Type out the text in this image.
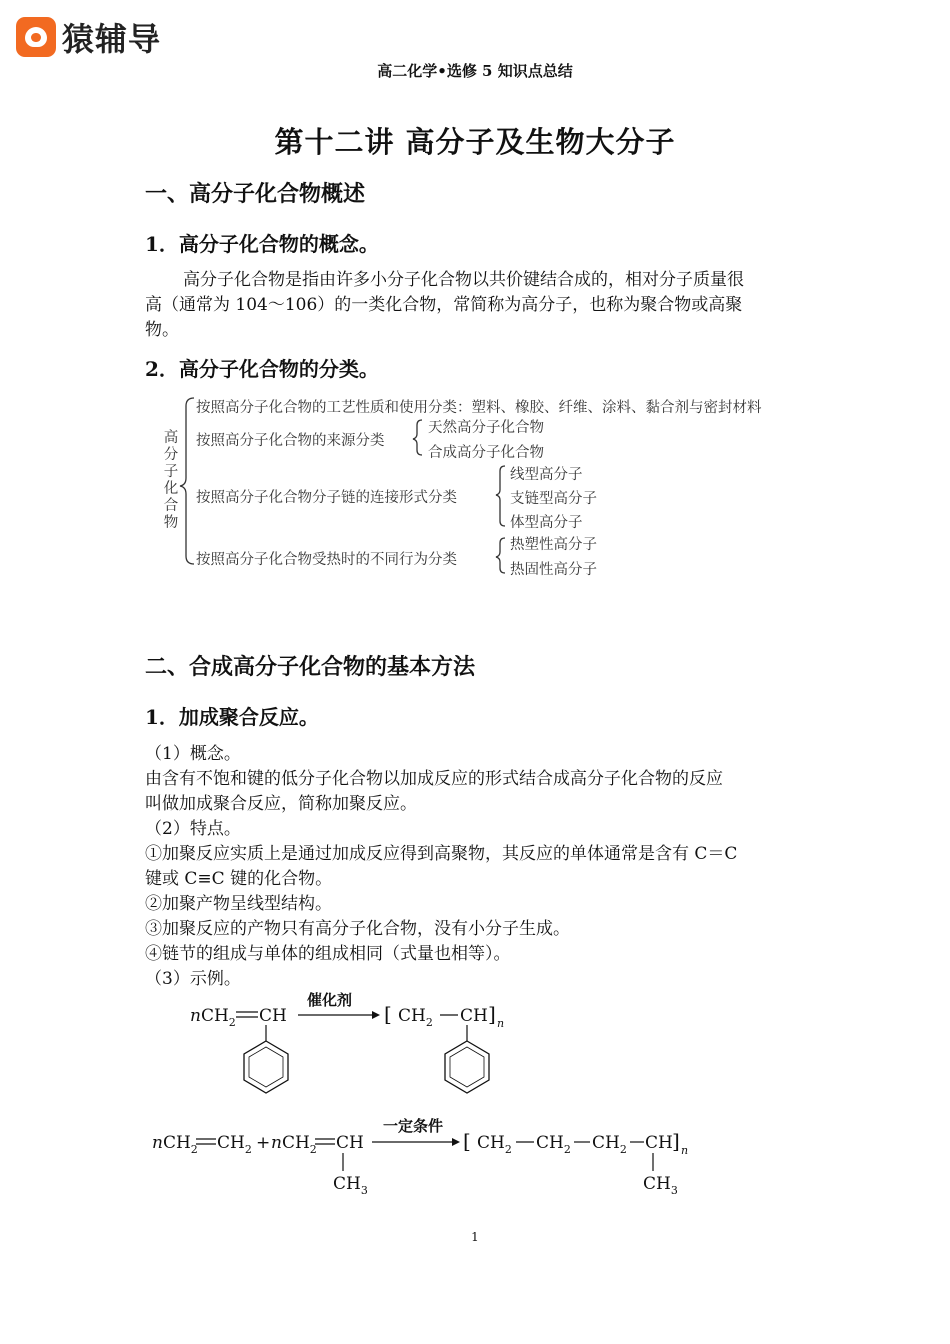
猿辅导
高二化学•选修 5 知识点总结
第十二讲 高分子及生物大分子
一、高分子化合物概述
1．高分子化合物的概念。
高分子化合物是指由许多小分子化合物以共价键结合成的，相对分子质量很
高（通常为 104～106）的一类化合物，常简称为高分子，也称为聚合物或高聚
物。
2．高分子化合物的分类。
高
分
子
化
合
物
按照高分子化合物的工艺性质和使用分类：塑料、橡胶、纤维、涂料、黏合剂与密封材料
按照高分子化合物的来源分类
天然高分子化合物
合成高分子化合物
按照高分子化合物分子链的连接形式分类
线型高分子
支链型高分子
体型高分子
按照高分子化合物受热时的不同行为分类
热塑性高分子
热固性高分子
二、合成高分子化合物的基本方法
1．加成聚合反应。
（1）概念。
由含有不饱和键的低分子化合物以加成反应的形式结合成高分子化合物的反应
叫做加成聚合反应，简称加聚反应。
（2）特点。
①加聚反应实质上是通过加成反应得到高聚物，其反应的单体通常是含有 C＝C
键或 C≡C 键的化合物。
②加聚产物呈线型结构。
③加聚反应的产物只有高分子化合物，没有小分子生成。
④链节的组成与单体的组成相同（式量也相等）。
（3）示例。
nCH$_2$ CH
催化剂
[ $CH_2$ CH ] n
nCH$_2$ $CH_2 + nCH_2$ CH
$CH_3$
一定条件
[ $CH_2$ $CH_2$ $CH_2$ CH ] n
$CH_3$
1
